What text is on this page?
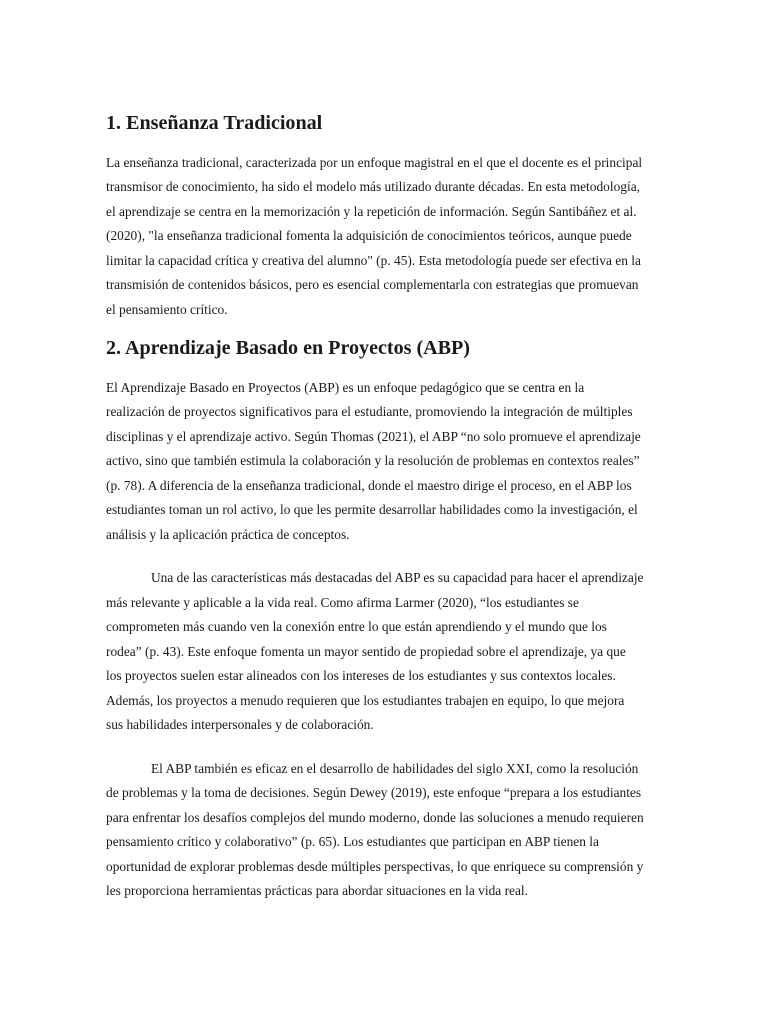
1. Enseñanza Tradicional

La enseñanza tradicional, caracterizada por un enfoque magistral en el que el docente es el principal
transmisor de conocimiento, ha sido el modelo más utilizado durante décadas. En esta metodología,
el aprendizaje se centra en la memorización y la repetición de información. Según Santibáñez et al.
(2020), "la enseñanza tradicional fomenta la adquisición de conocimientos teóricos, aunque puede
limitar la capacidad crítica y creativa del alumno" (p. 45). Esta metodología puede ser efectiva en la
transmisión de contenidos básicos, pero es esencial complementarla con estrategias que promuevan
el pensamiento crítico.

2. Aprendizaje Basado en Proyectos (ABP)

El Aprendizaje Basado en Proyectos (ABP) es un enfoque pedagógico que se centra en la
realización de proyectos significativos para el estudiante, promoviendo la integración de múltiples
disciplinas y el aprendizaje activo. Según Thomas (2021), el ABP “no solo promueve el aprendizaje
activo, sino que también estimula la colaboración y la resolución de problemas en contextos reales”
(p. 78). A diferencia de la enseñanza tradicional, donde el maestro dirige el proceso, en el ABP los
estudiantes toman un rol activo, lo que les permite desarrollar habilidades como la investigación, el
análisis y la aplicación práctica de conceptos.

Una de las características más destacadas del ABP es su capacidad para hacer el aprendizaje
más relevante y aplicable a la vida real. Como afirma Larmer (2020), “los estudiantes se
comprometen más cuando ven la conexión entre lo que están aprendiendo y el mundo que los
rodea” (p. 43). Este enfoque fomenta un mayor sentido de propiedad sobre el aprendizaje, ya que
los proyectos suelen estar alineados con los intereses de los estudiantes y sus contextos locales.
Además, los proyectos a menudo requieren que los estudiantes trabajen en equipo, lo que mejora
sus habilidades interpersonales y de colaboración.

El ABP también es eficaz en el desarrollo de habilidades del siglo XXI, como la resolución
de problemas y la toma de decisiones. Según Dewey (2019), este enfoque “prepara a los estudiantes
para enfrentar los desafíos complejos del mundo moderno, donde las soluciones a menudo requieren
pensamiento crítico y colaborativo” (p. 65). Los estudiantes que participan en ABP tienen la
oportunidad de explorar problemas desde múltiples perspectivas, lo que enriquece su comprensión y
les proporciona herramientas prácticas para abordar situaciones en la vida real.
